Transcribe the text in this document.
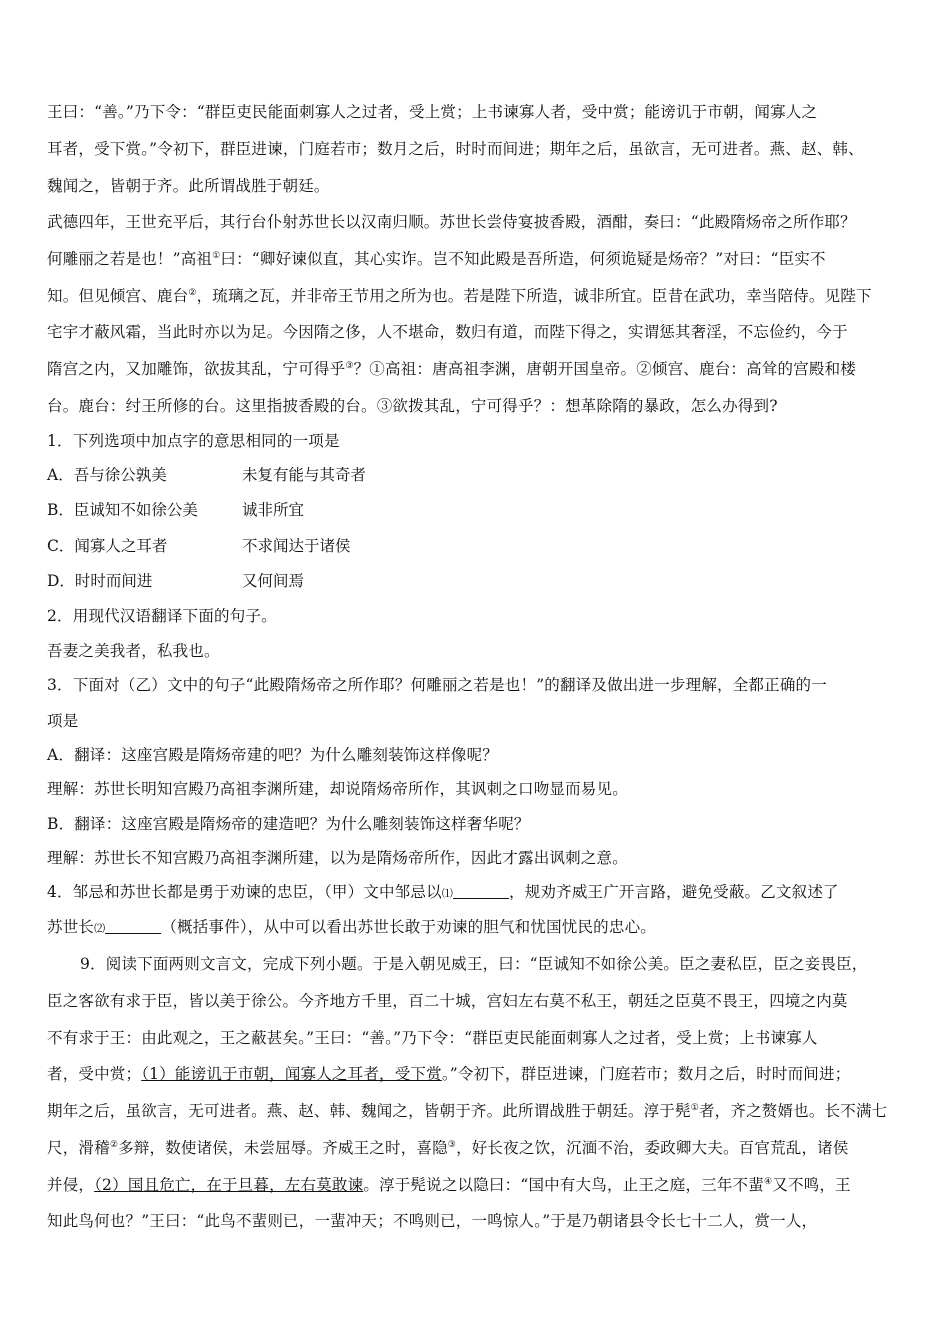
王曰：“善。”乃下令：“群臣吏民能面刺寡人之过者，受上赏；上书谏寡人者，受中赏；能谤讥于市朝，闻寡人之
耳者，受下赏。”令初下，群臣进谏，门庭若市；数月之后，时时而间进；期年之后，虽欲言，无可进者。燕、赵、韩、
魏闻之，皆朝于齐。此所谓战胜于朝廷。
武德四年，王世充平后，其行台仆射苏世长以汉南归顺。苏世长尝侍宴披香殿，酒酣，奏曰：“此殿隋炀帝之所作耶？
何雕丽之若是也！”高祖①曰：“卿好谏似直，其心实诈。岂不知此殿是吾所造，何须诡疑是炀帝？”对曰：“臣实不
知。但见倾宫、鹿台②，琉璃之瓦，并非帝王节用之所为也。若是陛下所造，诚非所宜。臣昔在武功，幸当陪侍。见陛下
宅宇才蔽风霜，当此时亦以为足。今因隋之侈，人不堪命，数归有道，而陛下得之，实谓惩其奢淫，不忘俭约，今于
隋宫之内，又加雕饰，欲拔其乱，宁可得乎③？①高祖：唐高祖李渊，唐朝开国皇帝。②倾宫、鹿台：高耸的宫殿和楼
台。鹿台：纣王所修的台。这里指披香殿的台。③欲拨其乱，宁可得乎？：想革除隋的暴政，怎么办得到?
1．下列选项中加点字的意思相同的一项是
A．吾与徐公孰美	未复有能与其奇者
B．臣诚知不如徐公美	诚非所宜
C．闻寡人之耳者	不求闻达于诸侯
D．时时而间进	又何间焉
2．用现代汉语翻译下面的句子。
吾妻之美我者，私我也。
3．下面对（乙）文中的句子“此殿隋炀帝之所作耶？何雕丽之若是也！”的翻译及做出进一步理解，全都正确的一
项是
A．翻译：这座宫殿是隋炀帝建的吧？为什么雕刻装饰这样像呢？
理解：苏世长明知宫殿乃高祖李渊所建，却说隋炀帝所作，其讽刺之口吻显而易见。
B．翻译：这座宫殿是隋炀帝的建造吧？为什么雕刻装饰这样奢华呢？
理解：苏世长不知宫殿乃高祖李渊所建，以为是隋炀帝所作，因此才露出讽刺之意。
4．邹忌和苏世长都是勇于劝谏的忠臣，（甲）文中邹忌以⑴	，规劝齐威王广开言路，避免受蔽。乙文叙述了
苏世长⑵	（概括事件），从中可以看出苏世长敢于劝谏的胆气和忧国忧民的忠心。
9．阅读下面两则文言文，完成下列小题。于是入朝见威王，曰：“臣诚知不如徐公美。臣之妻私臣，臣之妾畏臣，
臣之客欲有求于臣，皆以美于徐公。今齐地方千里，百二十城，宫妇左右莫不私王，朝廷之臣莫不畏王，四境之内莫
不有求于王：由此观之，王之蔽甚矣。”王曰：“善。”乃下令：“群臣吏民能面刺寡人之过者，受上赏；上书谏寡人
者，受中赏；（1）能谤讥于市朝，闻寡人之耳者，受下赏。”令初下，群臣进谏，门庭若市；数月之后，时时而间进；
期年之后，虽欲言，无可进者。燕、赵、韩、魏闻之，皆朝于齐。此所谓战胜于朝廷。淳于髡①者，齐之赘婿也。长不满七
尺，滑稽②多辩，数使诸侯，未尝屈辱。齐威王之时，喜隐③，好长夜之饮，沉湎不治，委政卿大夫。百官荒乱，诸侯
并侵，（2）国且危亡，在于旦暮，左右莫敢谏。淳于髡说之以隐曰：“国中有大鸟，止王之庭，三年不蜚④又不鸣，王
知此鸟何也？”王曰：“此鸟不蜚则已，一蜚冲天；不鸣则已，一鸣惊人。”于是乃朝诸县令长七十二人，赏一人，
